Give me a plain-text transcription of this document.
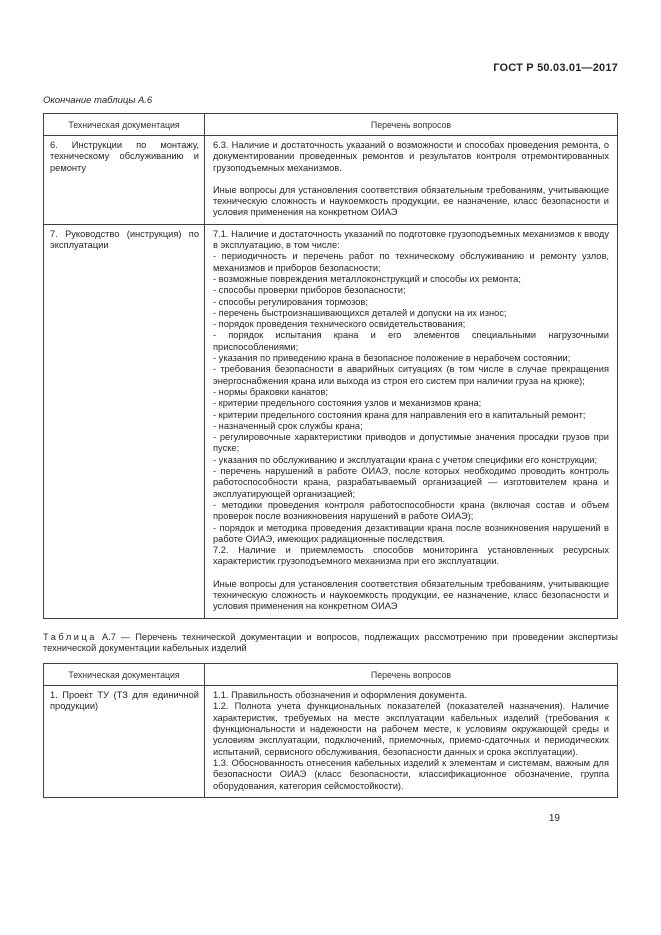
ГОСТ Р 50.03.01—2017
Окончание таблицы А.6
Техническая документация	Перечень вопросов

6. Инструкции по монтажу, техническому обслуживанию и ремонту

6.3. Наличие и достаточность указаний о возможности и способах проведения ремонта, о документировании проведенных ремонтов и результатов контроля отремонтированных грузоподъемных механизмов.

Иные вопросы для установления соответствия обязательным требованиям, учитывающие техническую сложность и наукоемкость продукции, ее назначение, класс безопасности и условия применения на конкретном ОИАЭ

7. Руководство (инструкция) по эксплуатации

7.1. Наличие и достаточность указаний по подготовке грузоподъемных механизмов к вводу в эксплуатацию, в том числе:

- периодичность и перечень работ по техническому обслуживанию и ремонту узлов, механизмов и приборов безопасности;

- возможные повреждения металлоконструкций и способы их ремонта;

- способы проверки приборов безопасности;

- способы регулирования тормозов;

- перечень быстроизнашивающихся деталей и допуски на их износ;

- порядок проведения технического освидетельствования;

- порядок испытания крана и его элементов специальными нагрузочными приспособлениями;

- указания по приведению крана в безопасное положение в нерабочем состоянии;

- требования безопасности в аварийных ситуациях (в том числе в случае прекращения энергоснабжения крана или выхода из строя его систем при наличии груза на крюке);

- нормы браковки канатов;

- критерии предельного состояния узлов и механизмов крана;

- критерии предельного состояния крана для направления его в капитальный ремонт;

- назначенный срок службы крана;

- регулировочные характеристики приводов и допустимые значения просадки грузов при пуске;

- указания по обслуживанию и эксплуатации крана с учетом специфики его конструкции;

- перечень нарушений в работе ОИАЭ, после которых необходимо проводить контроль работоспособности крана, разрабатываемый организацией — изготовителем крана и эксплуатирующей организацией;

- методики проведения контроля работоспособности крана (включая состав и объем проверок после возникновения нарушений в работе ОИАЭ);

- порядок и методика проведения дезактивации крана после возникновения нарушений в работе ОИАЭ, имеющих радиационные последствия.

7.2. Наличие и приемлемость способов мониторинга установленных ресурсных характеристик грузоподъемного механизма при его эксплуатации.

Иные вопросы для установления соответствия обязательным требованиям, учитывающие техническую сложность и наукоемкость продукции, ее назначение, класс безопасности и условия применения на конкретном ОИАЭ

Таблица А.7 — Перечень технической документации и вопросов, подлежащих рассмотрению при проведении экспертизы технической документации кабельных изделий
Техническая документация	Перечень вопросов

1. Проект ТУ (ТЗ для единичной продукции)

1.1. Правильность обозначения и оформления документа.

1.2. Полнота учета функциональных показателей (показателей назначения). Наличие характеристик, требуемых на месте эксплуатации кабельных изделий (требования к функциональности и надежности на рабочем месте, к условиям окружающей среды и условиям эксплуатации, подключений, приемочных, приемо-сдаточных и периодических испытаний, сервисного обслуживания, безопасности данных и срока эксплуатации).

1.3. Обоснованность отнесения кабельных изделий к элементам и системам, важным для безопасности ОИАЭ (класс безопасности, классификационное обозначение, группа оборудования, категория сейсмостойкости).

19
